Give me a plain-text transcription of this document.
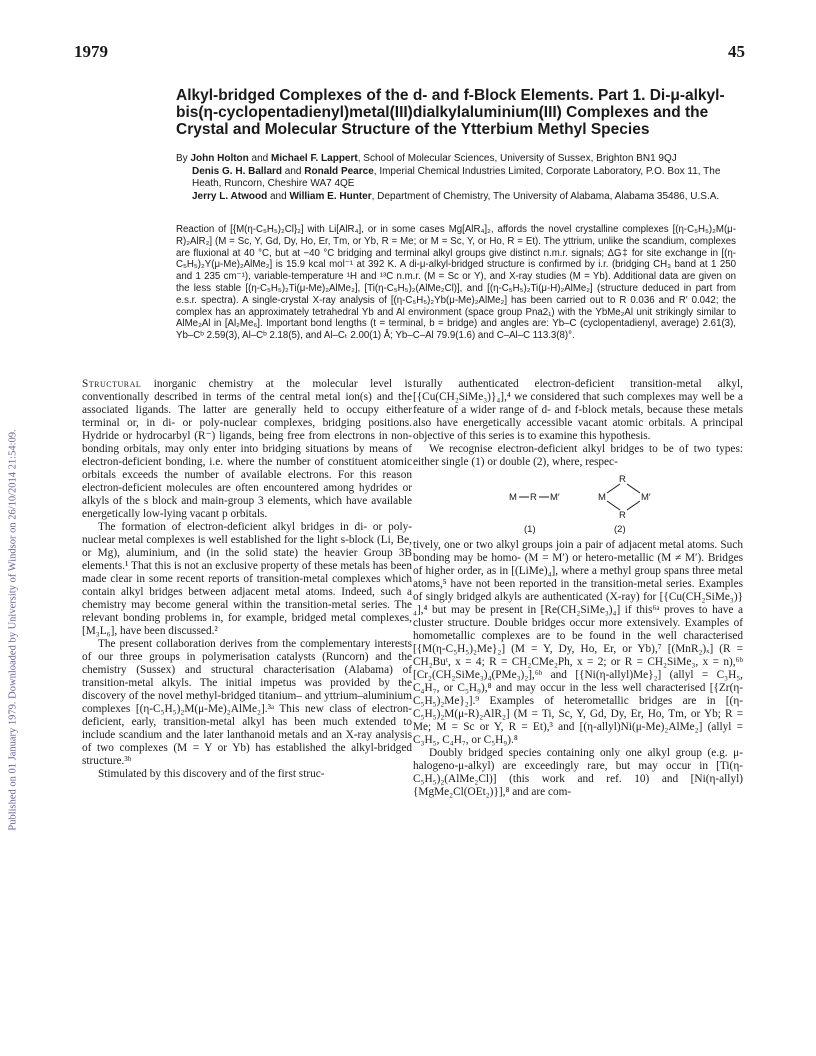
1979	45
Published on 01 January 1979. Downloaded by University of Windsor on 26/10/2014 21:54:09.
Alkyl-bridged Complexes of the d- and f-Block Elements. Part 1. Di-μ-alkyl-bis(η-cyclopentadienyl)metal(III)dialkylaluminium(III) Complexes and the Crystal and Molecular Structure of the Ytterbium Methyl Species

By John Holton and Michael F. Lappert, School of Molecular Sciences, University of Sussex, Brighton BN1 9QJ

Denis G. H. Ballard and Ronald Pearce, Imperial Chemical Industries Limited, Corporate Laboratory, P.O. Box 11, The Heath, Runcorn, Cheshire WA7 4QE

Jerry L. Atwood and William E. Hunter, Department of Chemistry, The University of Alabama, Alabama 35486, U.S.A.

Reaction of [{M(η-C₅H₅)₂Cl}₂] with Li[AlR₄], or in some cases Mg[AlR₄]₂, affords the novel crystalline complexes [(η-C₅H₅)₂M(μ-R)₂AlR₂] (M = Sc, Y, Gd, Dy, Ho, Er, Tm, or Yb, R = Me; or M = Sc, Y, or Ho, R = Et). The yttrium, unlike the scandium, complexes are fluxional at 40 °C, but at −40 °C bridging and terminal alkyl groups give distinct n.m.r. signals; ΔG‡ for site exchange in [(η-C₅H₅)₂Y(μ-Me)₂AlMe₂] is 15.9 kcal mol⁻¹ at 392 K. A di-μ-alkyl-bridged structure is confirmed by i.r. (bridging CH₃ band at 1 250 and 1 235 cm⁻¹), variable-temperature ¹H and ¹³C n.m.r. (M = Sc or Y), and X-ray studies (M = Yb). Additional data are given on the less stable [(η-C₅H₅)₂Ti(μ-Me)₂AlMe₂], [Ti(η-C₅H₅)₂(AlMe₂Cl)], and [(η-C₅H₅)₂Ti(μ-H)₂AlMe₂] (structure deduced in part from e.s.r. spectra). A single-crystal X-ray analysis of [(η-C₅H₅)₂Yb(μ-Me)₂AlMe₂] has been carried out to R 0.036 and R′ 0.042; the complex has an approximately tetrahedral Yb and Al environment (space group Pna2₁) with the YbMe₂Al unit strikingly similar to AlMe₂Al in [Al₂Me₆]. Important bond lengths (t = terminal, b = bridge) and angles are: Yb–C (cyclopentadienyl, average) 2.61(3), Yb–Cᵇ 2.59(3), Al–Cᵇ 2.18(5), and Al–Cₜ 2.00(1) Å; Yb–C–Al 79.9(1.6) and C–Al–C 113.3(8)°.

Structural inorganic chemistry at the molecular level is conventionally described in terms of the central metal ion(s) and the associated ligands. The latter are generally held to occupy either terminal or, in di- or poly-nuclear complexes, bridging positions. Hydride or hydrocarbyl (R⁻) ligands, being free from electrons in non-bonding orbitals, may only enter into bridging situations by means of electron-deficient bonding, i.e. where the number of constituent atomic orbitals exceeds the number of available electrons. For this reason electron-deficient molecules are often encountered among hydrides or alkyls of the s block and main-group 3 elements, which have available energetically low-lying vacant p orbitals.

The formation of electron-deficient alkyl bridges in di- or poly-nuclear metal complexes is well established for the light s-block (Li, Be, or Mg), aluminium, and (in the solid state) the heavier Group 3B elements.¹ That this is not an exclusive property of these metals has been made clear in some recent reports of transition-metal complexes which contain alkyl bridges between adjacent metal atoms. Indeed, such a chemistry may become general within the transition-metal series. The relevant bonding problems in, for example, bridged metal complexes, [M₃L₆], have been discussed.²

The present collaboration derives from the complementary interests of our three groups in polymerisation catalysts (Runcorn) and the chemistry (Sussex) and structural characterisation (Alabama) of transition-metal alkyls. The initial impetus was provided by the discovery of the novel methyl-bridged titanium– and yttrium–aluminium complexes [(η-C₅H₅)₂M(μ-Me)₂AlMe₂].³ᵃ This new class of electron-deficient, early, transition-metal alkyl has been much extended to include scandium and the later lanthanoid metals and an X-ray analysis of two complexes (M = Y or Yb) has established the alkyl-bridged structure.³ᵇ

Stimulated by this discovery and of the first struc-

turally authenticated electron-deficient transition-metal alkyl, [{Cu(CH₂SiMe₃)}₄],⁴ we considered that such complexes may well be a feature of a wider range of d- and f-block metals, because these metals also have energetically accessible vacant atomic orbitals. A principal objective of this series is to examine this hypothesis.

We recognise electron-deficient alkyl bridges to be of two types: either single (1) or double (2), where, respec-

M R M′
R
R
M	M′
(1)	(2)

tively, one or two alkyl groups join a pair of adjacent metal atoms. Such bonding may be homo- (M = M′) or hetero-metallic (M ≠ M′). Bridges of higher order, as in [(LiMe)₄], where a methyl group spans three metal atoms,⁵ have not been reported in the transition-metal series. Examples of singly bridged alkyls are authenticated (X-ray) for [{Cu(CH₂SiMe₃)}₄],⁴ but may be present in [Re(CH₂SiMe₃)₄] if this⁶ᵃ proves to have a cluster structure. Double bridges occur more extensively. Examples of homometallic complexes are to be found in the well characterised [{M(η-C₅H₅)₂Me}₂] (M = Y, Dy, Ho, Er, or Yb),⁷ [(MnR₂)ₓ] (R = CH₂Buᵗ, x = 4; R = CH₂CMe₂Ph, x = 2; or R = CH₂SiMe₃, x = n),⁶ᵇ [Cr₂(CH₂SiMe₃)₄(PMe₃)₂],⁶ᵇ and [{Ni(η-allyl)Me}₂] (allyl = C₃H₅, C₄H₇, or C₅H₉),⁸ and may occur in the less well characterised [{Zr(η-C₅H₅)₂Me}₂].⁹ Examples of heterometallic bridges are in [(η-C₅H₅)₂M(μ-R)₂AlR₂] (M = Ti, Sc, Y, Gd, Dy, Er, Ho, Tm, or Yb; R = Me; M = Sc or Y, R = Et),³ and [(η-allyl)Ni(μ-Me)₂AlMe₂] (allyl = C₃H₅, C₄H₇, or C₅H₉).⁸

Doubly bridged species containing only one alkyl group (e.g. μ-halogeno-μ-alkyl) are exceedingly rare, but may occur in [Ti(η-C₅H₅)₂(AlMe₂Cl)] (this work and ref. 10) and [Ni(η-allyl){MgMe₂Cl(OEt₂)}],⁸ and are com-
